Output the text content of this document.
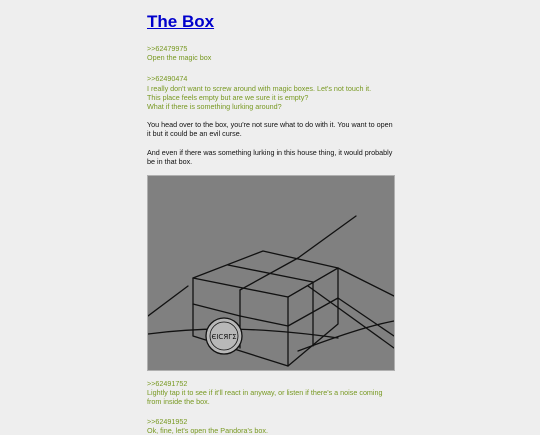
The Box
>>62479975
Open the magic box
>>62490474
I really don't want to screw around with magic boxes. Let's not touch it.
This place feels empty but are we sure it is empty?
What if there is something lurking around?
You head over to the box, you're not sure what to do with it. You want to open it but it could be an evil curse.
And even if there was something lurking in this house thing, it would probably be in that box.
ЄΙСЯΓΣ
>>62491752
Lightly tap it to see if it'll react in anyway, or listen if there's a noise coming from inside the box.
>>62491952
Ok, fine, let's open the Pandora's box.
